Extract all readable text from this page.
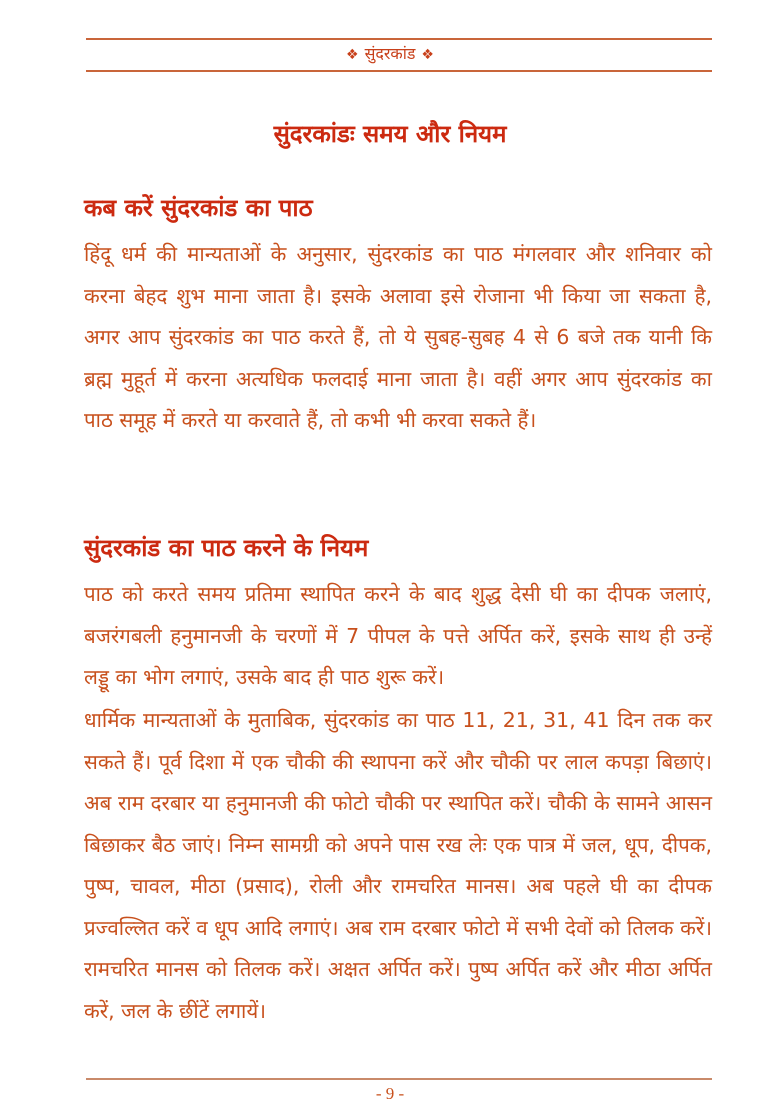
❖ सुंदरकांड ❖
सुंदरकांडः समय और नियम
कब करें सुंदरकांड का पाठ

हिंदू धर्म की मान्यताओं के अनुसार, सुंदरकांड का पाठ मंगलवार और शनिवार को करना बेहद शुभ माना जाता है। इसके अलावा इसे रोजाना भी किया जा सकता है, अगर आप सुंदरकांड का पाठ करते हैं, तो ये सुबह-सुबह 4 से 6 बजे तक यानी कि ब्रह्म मुहूर्त में करना अत्यधिक फलदाई माना जाता है। वहीं अगर आप सुंदरकांड का पाठ समूह में करते या करवाते हैं, तो कभी भी करवा सकते हैं।

सुंदरकांड का पाठ करने के नियम

पाठ को करते समय प्रतिमा स्थापित करने के बाद शुद्ध देसी घी का दीपक जलाएं, बजरंगबली हनुमानजी के चरणों में 7 पीपल के पत्ते अर्पित करें, इसके साथ ही उन्हें लड्डू का भोग लगाएं, उसके बाद ही पाठ शुरू करें।

धार्मिक मान्यताओं के मुताबिक, सुंदरकांड का पाठ 11, 21, 31, 41 दिन तक कर सकते हैं। पूर्व दिशा में एक चौकी की स्थापना करें और चौकी पर लाल कपड़ा बिछाएं। अब राम दरबार या हनुमानजी की फोटो चौकी पर स्थापित करें। चौकी के सामने आसन बिछाकर बैठ जाएं। निम्न सामग्री को अपने पास रख लेः एक पात्र में जल, धूप, दीपक, पुष्प, चावल, मीठा (प्रसाद), रोली और रामचरित मानस। अब पहले घी का दीपक प्रज्वल्लित करें व धूप आदि लगाएं। अब राम दरबार फोटो में सभी देवों को तिलक करें। रामचरित मानस को तिलक करें। अक्षत अर्पित करें। पुष्प अर्पित करें और मीठा अर्पित करें, जल के छींटें लगायें।

- 9 -
